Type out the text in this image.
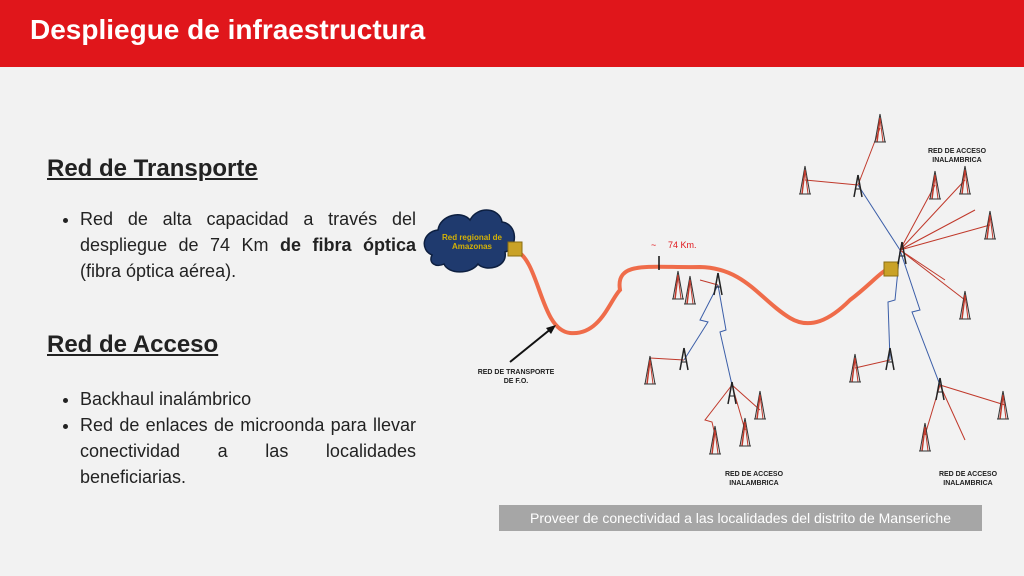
Despliegue de infraestructura
Red de Transporte
• Red de alta capacidad a través del despliegue de 74 Km de fibra óptica (fibra óptica aérea).
Red de Acceso
• Backhaul inalámbrico
• Red de enlaces de microonda para llevar conectividad a las localidades beneficiarias.
Red regional de Amazonas	~ 74 Km.
RED DE TRANSPORTE
DE F.O.
RED DE ACCESO
INALAMBRICA
RED DE ACCESO
INALAMBRICA
RED DE ACCESO
INALAMBRICA
Proveer de conectividad a las localidades del distrito de Manseriche
